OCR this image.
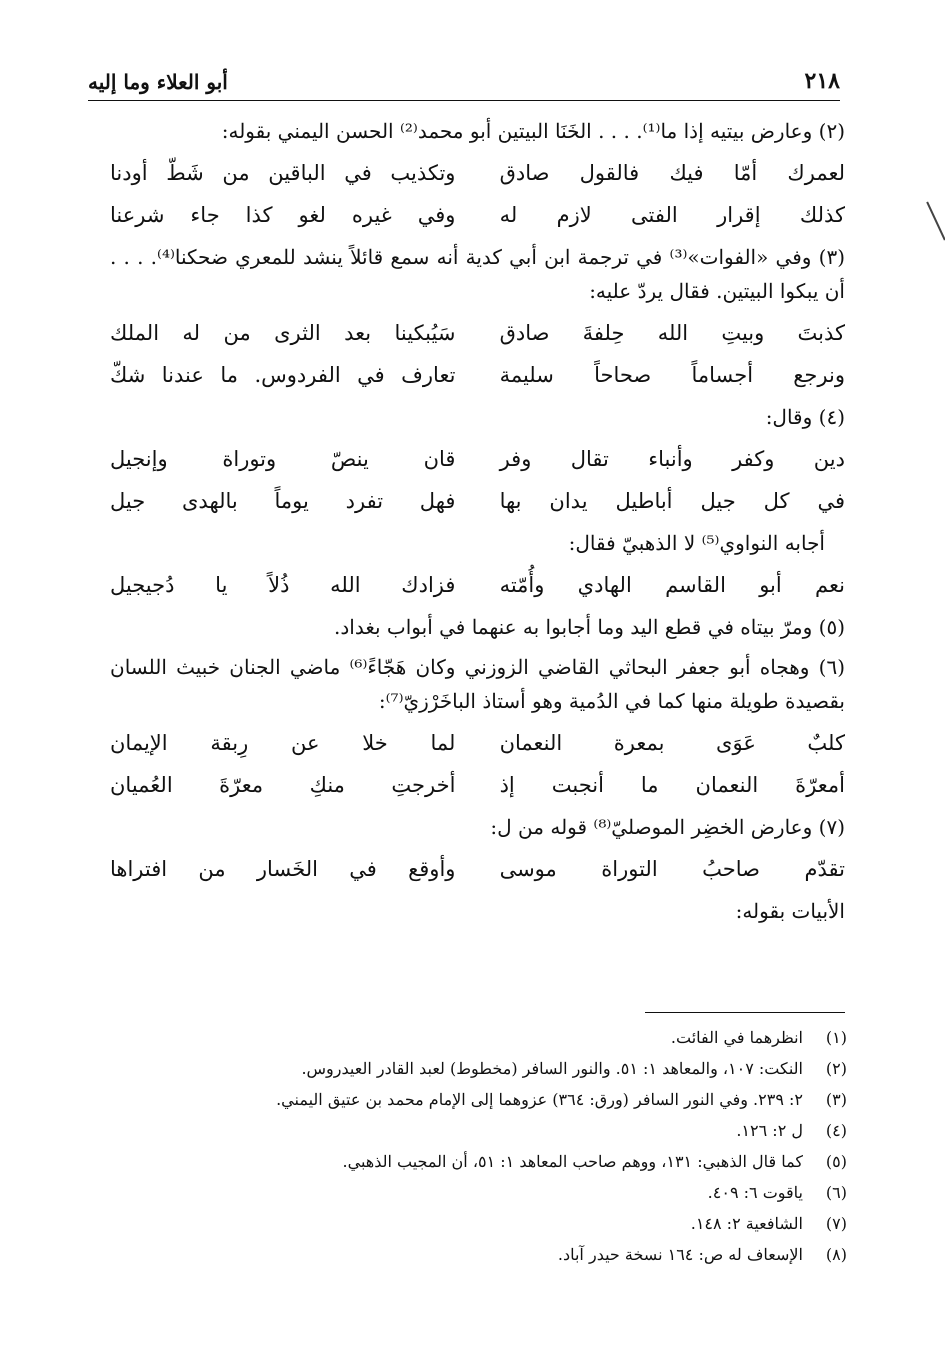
٢١٨
أبو العلاء وما إليه

(٢) وعارض بيتيه إذا ما⁽¹⁾. . . . الخَنَا البيتين أبو محمد⁽²⁾ الحسن اليمني بقوله:

لعمرك أمّا فيك فالقول صادق
وتكذيب في الباقين من شَطّ أودنا
كذلك إقرار الفتى لازم له
وفي غيره لغو كذا جاء شرعنا

(٣) وفي «الفوات»⁽³⁾ في ترجمة ابن أبي كدية أنه سمع قائلاً ينشد للمعري ضحكنا⁽⁴⁾. . . . أن يبكوا البيتين. فقال يردّ عليه:

كذبتَ وبيتِ الله حِلفةَ صادق
سَيُبكينا بعد الثرى من له الملك
ونرجع أجساماً صحاحاً سليمة
تعارف في الفردوس. ما عندنا شكّ

(٤) وقال:

دين وكفر وأنباء تقال وفر
قان ينصّ وتوراة وإنجيل
في كل جيل أباطيل يدان بها
فهل تفرد يوماً بالهدى جيل

أجابه النواوي⁽⁵⁾ لا الذهبيّ فقال:

نعم أبو القاسم الهادي وأُمّته
فزادك الله ذُلاً يا دُجيجيل

(٥) ومرّ بيتاه في قطع اليد وما أجابوا به عنهما في أبواب بغداد.

(٦) وهجاه أبو جعفر البحاثي القاضي الزوزني وكان هَجّاءً⁽⁶⁾ ماضي الجنان خبيث اللسان بقصيدة طويلة منها كما في الدُمية وهو أستاذ الباخَرْزيّ⁽⁷⁾:

كلبٌ عَوَى بمعرة النعمان
لما خلا عن رِبقة الإيمان
أمعرّةَ النعمان ما أنجبت إذ
أخرجتِ منكِ معرّةَ العُميان

(٧) وعارض الخضِر الموصليّ⁽⁸⁾ قوله من ل:

تقدّم صاحبُ التوراة موسى
وأوقع في الخَسار من افتراها

الأبيات بقوله:

(١)
انظرهما في الفائت.
(٢)
النكت: ١٠٧، والمعاهد ١: ٥١. والنور السافر (مخطوط) لعبد القادر العيدروس.
(٣)
٢: ٢٣٩. وفي النور السافر (ورق: ٣٦٤) عزوهما إلى الإمام محمد بن عتيق اليمني.
(٤)
ل ٢: ١٢٦.
(٥)
كما قال الذهبي: ١٣١، ووهم صاحب المعاهد ١: ٥١، أن المجيب الذهبي.
(٦)
ياقوت ٦: ٤٠٩.
(٧)
الشافعية ٢: ١٤٨.
(٨)
الإسعاف له ص: ١٦٤ نسخة حيدر آباد.
